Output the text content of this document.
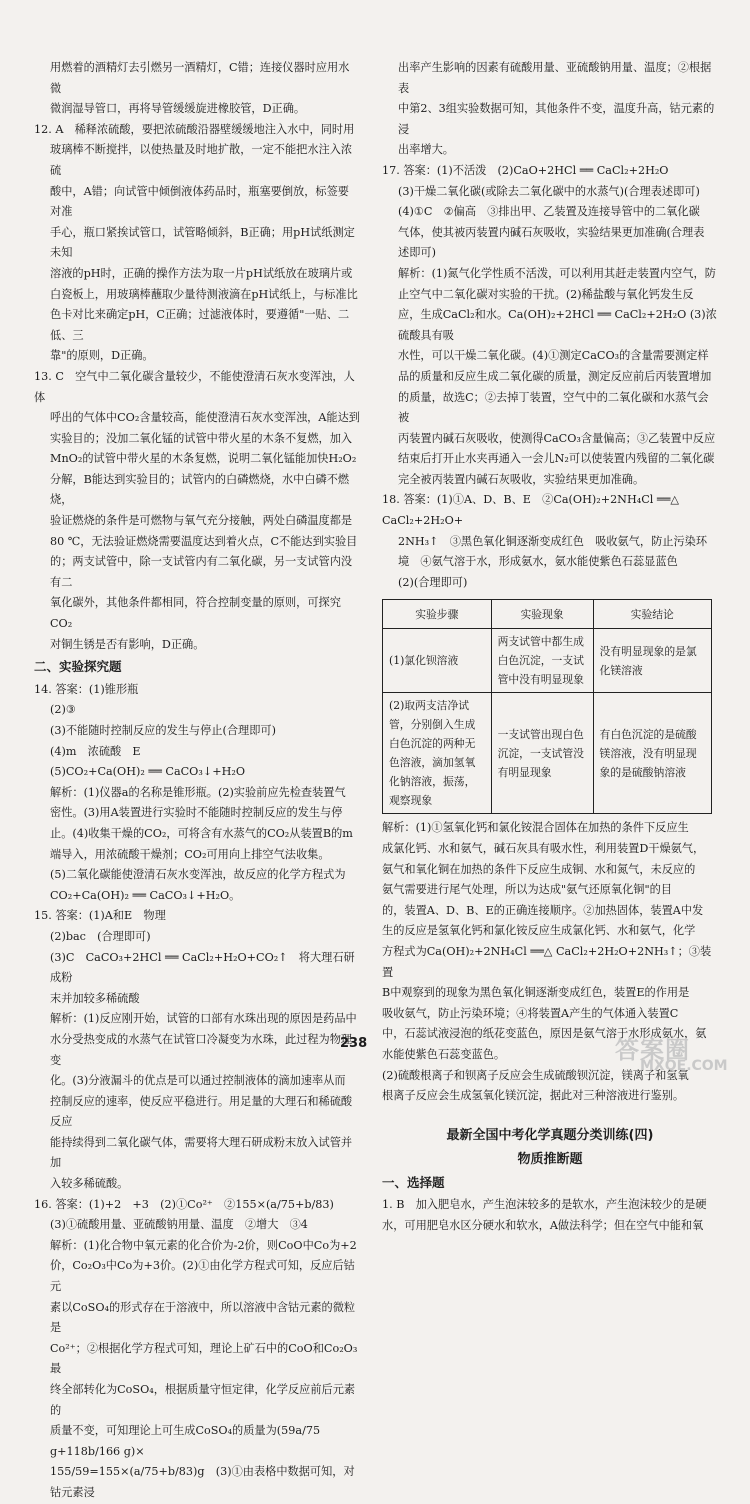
用燃着的酒精灯去引燃另一酒精灯，C错；连接仪器时应用水微

微润湿导管口，再将导管缓缓旋进橡胶管，D正确。

12. A　稀释浓硫酸，要把浓硫酸沿器壁缓缓地注入水中，同时用

玻璃棒不断搅拌，以使热量及时地扩散，一定不能把水注入浓硫

酸中，A错；向试管中倾倒液体药品时，瓶塞要倒放，标签要对准

手心，瓶口紧挨试管口，试管略倾斜，B正确；用pH试纸测定未知

溶液的pH时，正确的操作方法为取一片pH试纸放在玻璃片或

白瓷板上，用玻璃棒蘸取少量待测液滴在pH试纸上，与标准比

色卡对比来确定pH，C正确；过滤液体时，要遵循"一贴、二低、三

靠"的原则，D正确。

13. C　空气中二氧化碳含量较少，不能使澄清石灰水变浑浊，人体

呼出的气体中CO₂含量较高，能使澄清石灰水变浑浊，A能达到

实验目的；没加二氧化锰的试管中带火星的木条不复燃，加入

MnO₂的试管中带火星的木条复燃，说明二氧化锰能加快H₂O₂

分解，B能达到实验目的；试管内的白磷燃烧，水中白磷不燃烧，

验证燃烧的条件是可燃物与氧气充分接触，两处白磷温度都是

80 ℃，无法验证燃烧需要温度达到着火点，C不能达到实验目

的；两支试管中，除一支试管内有二氧化碳，另一支试管内没有二

氧化碳外，其他条件都相同，符合控制变量的原则，可探究CO₂

对铜生锈是否有影响，D正确。

二、实验探究题

14. 答案：(1)锥形瓶

(2)③

(3)不能随时控制反应的发生与停止(合理即可)

(4)m　浓硫酸　E

(5)CO₂+Ca(OH)₂ ══ CaCO₃↓+H₂O

解析：(1)仪器a的名称是锥形瓶。(2)实验前应先检查装置气

密性。(3)用A装置进行实验时不能随时控制反应的发生与停

止。(4)收集干燥的CO₂，可将含有水蒸气的CO₂从装置B的m

端导入，用浓硫酸干燥剂；CO₂可用向上排空气法收集。

(5)二氧化碳能使澄清石灰水变浑浊，故反应的化学方程式为

CO₂+Ca(OH)₂ ══ CaCO₃↓+H₂O。

15. 答案：(1)A和E　物理

(2)bac　(合理即可)

(3)C　CaCO₃+2HCl ══ CaCl₂+H₂O+CO₂↑　将大理石研成粉

末并加较多稀硫酸

解析：(1)反应刚开始，试管的口部有水珠出现的原因是药品中

水分受热变成的水蒸气在试管口冷凝变为水珠，此过程为物理变

化。(3)分液漏斗的优点是可以通过控制液体的滴加速率从而

控制反应的速率，使反应平稳进行。用足量的大理石和稀硫酸反应

能持续得到二氧化碳气体，需要将大理石研成粉末放入试管并加

入较多稀硫酸。

16. 答案：(1)+2　+3　(2)①Co²⁺　②155×(a/75+b/83)

(3)①硫酸用量、亚硫酸钠用量、温度　②增大　③4

解析：(1)化合物中氧元素的化合价为-2价，则CoO中Co为+2

价，Co₂O₃中Co为+3价。(2)①由化学方程式可知，反应后钴元

素以CoSO₄的形式存在于溶液中，所以溶液中含钴元素的微粒是

Co²⁺；②根据化学方程式可知，理论上矿石中的CoO和Co₂O₃最

终全部转化为CoSO₄，根据质量守恒定律，化学反应前后元素的

质量不变，可知理论上可生成CoSO₄的质量为(59a/75 g+118b/166 g)×

155/59=155×(a/75+b/83)g　(3)①由表格中数据可知，对钴元素浸

出率产生影响的因素有硫酸用量、亚硫酸钠用量、温度；②根据表

中第2、3组实验数据可知，其他条件不变，温度升高，钴元素的浸

出率增大。

17. 答案：(1)不活泼　(2)CaO+2HCl ══ CaCl₂+2H₂O

(3)干燥二氧化碳(或除去二氧化碳中的水蒸气)(合理表述即可)

(4)①C　②偏高　③排出甲、乙装置及连接导管中的二氧化碳

气体，使其被丙装置内碱石灰吸收，实验结果更加准确(合理表

述即可)

解析：(1)氮气化学性质不活泼，可以利用其赶走装置内空气，防

止空气中二氧化碳对实验的干扰。(2)稀盐酸与氧化钙发生反

应，生成CaCl₂和水。Ca(OH)₂+2HCl ══ CaCl₂+2H₂O (3)浓硫酸具有吸

水性，可以干燥二氧化碳。(4)①测定CaCO₃的含量需要测定样

品的质量和反应生成二氧化碳的质量，测定反应前后丙装置增加

的质量，故选C；②去掉丁装置，空气中的二氧化碳和水蒸气会被

丙装置内碱石灰吸收，使测得CaCO₃含量偏高；③乙装置中反应

结束后打开止水夹再通入一会儿N₂可以使装置内残留的二氧化碳

完全被丙装置内碱石灰吸收，实验结果更加准确。

18. 答案：(1)①A、D、B、E　②Ca(OH)₂+2NH₄Cl ══△ CaCl₂+2H₂O+

2NH₃↑　③黑色氧化铜逐渐变成红色　吸收氨气，防止污染环

境　④氨气溶于水，形成氨水，氨水能使紫色石蕊显蓝色

(2)(合理即可)

实验步骤	实验现象	实验结论
(1)氯化钡溶液	两支试管中都生成白色沉淀，一支试管中没有明显现象	没有明显现象的是氯化镁溶液
(2)取两支洁净试管，分别倒入生成白色沉淀的两种无色溶液，滴加氢氧化钠溶液，振荡，观察现象	一支试管出现白色沉淀，一支试管没有明显现象	有白色沉淀的是硫酸镁溶液，没有明显现象的是硫酸钠溶液

解析：(1)①氢氧化钙和氯化铵混合固体在加热的条件下反应生

成氯化钙、水和氨气，碱石灰具有吸水性，利用装置D干燥氨气，

氨气和氧化铜在加热的条件下反应生成铜、水和氮气，未反应的

氨气需要进行尾气处理，所以为达成"氨气还原氧化铜"的目

的，装置A、D、B、E的正确连接顺序。②加热固体，装置A中发

生的反应是氢氧化钙和氯化铵反应生成氯化钙、水和氨气，化学

方程式为Ca(OH)₂+2NH₄Cl ══△ CaCl₂+2H₂O+2NH₃↑；③装置

B中观察到的现象为黑色氧化铜逐渐变成红色，装置E的作用是

吸收氨气，防止污染环境；④将装置A产生的气体通入装置C

中，石蕊试液浸泡的纸花变蓝色，原因是氨气溶于水形成氨水，氨

水能使紫色石蕊变蓝色。

(2)硫酸根离子和钡离子反应会生成硫酸钡沉淀，镁离子和氢氧

根离子反应会生成氢氧化镁沉淀，据此对三种溶液进行鉴别。

最新全国中考化学真题分类训练(四)
物质推断题

一、选择题

1. B　加入肥皂水，产生泡沫较多的是软水，产生泡沫较少的是硬

水，可用肥皂水区分硬水和软水，A做法科学；但在空气中能和氧

238	答案圈
MXQE.COM
